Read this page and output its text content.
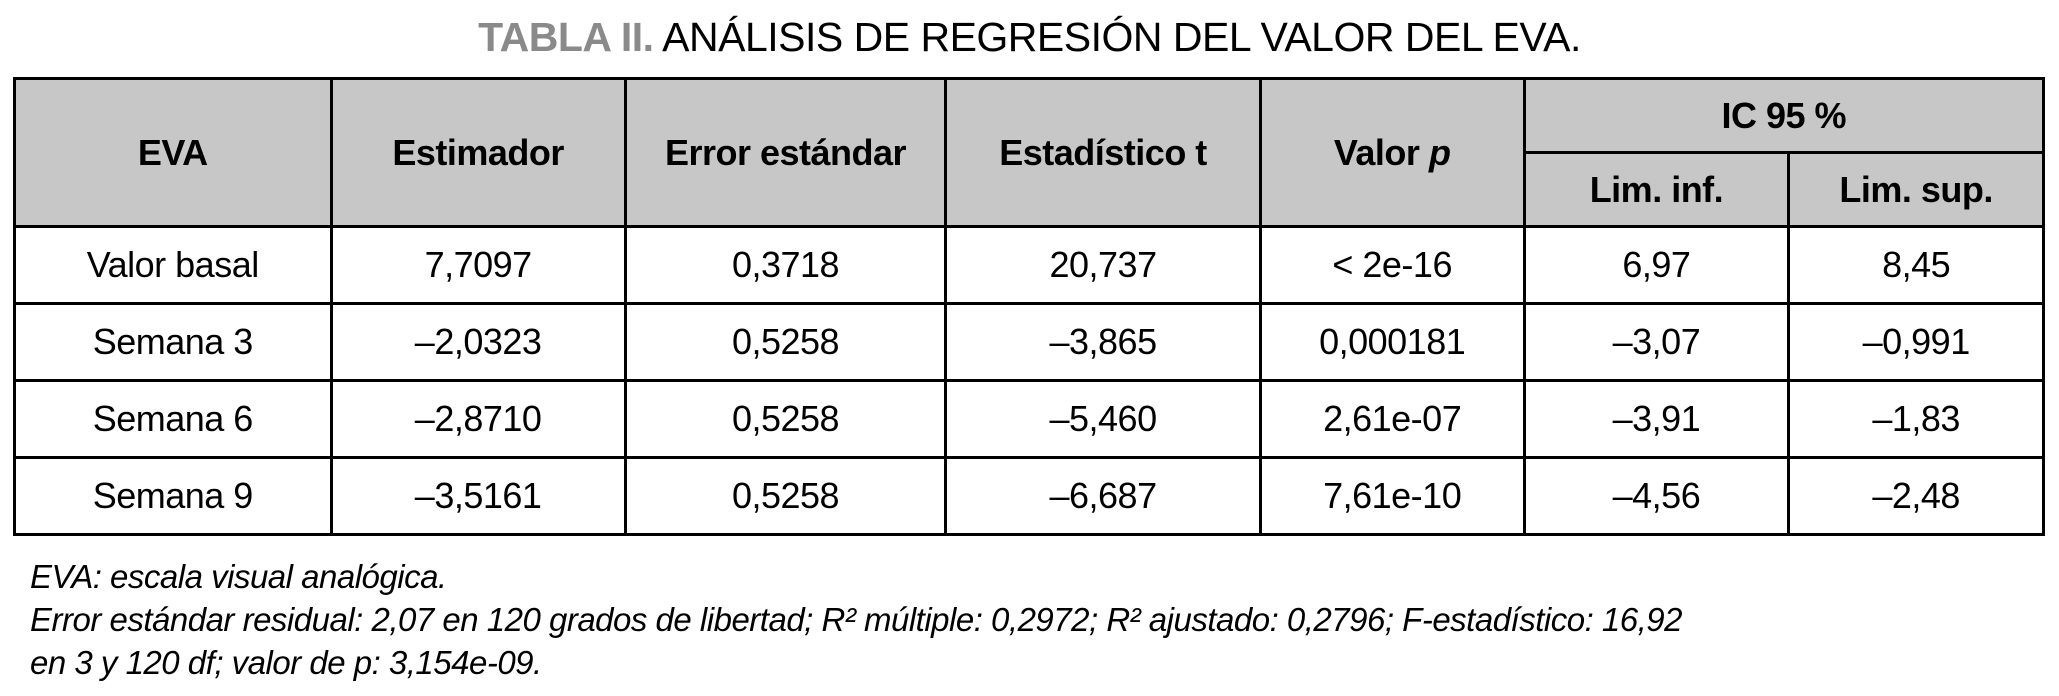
TABLA II. ANÁLISIS DE REGRESIÓN DEL VALOR DEL EVA.
EVA	Estimador	Error estándar	Estadístico t	Valor p	IC 95 %	
					Lim. inf.	Lim. sup.
Valor basal	7,7097	0,3718	20,737	< 2e-16	6,97	8,45
Semana 3	–2,0323	0,5258	–3,865	0,000181	–3,07	–0,991
Semana 6	–2,8710	0,5258	–5,460	2,61e-07	–3,91	–1,83
Semana 9	–3,5161	0,5258	–6,687	7,61e-10	–4,56	–2,48

EVA: escala visual analógica.

Error estándar residual: 2,07 en 120 grados de libertad; R² múltiple: 0,2972; R² ajustado: 0,2796; F-estadístico: 16,92

en 3 y 120 df; valor de p: 3,154e-09.
